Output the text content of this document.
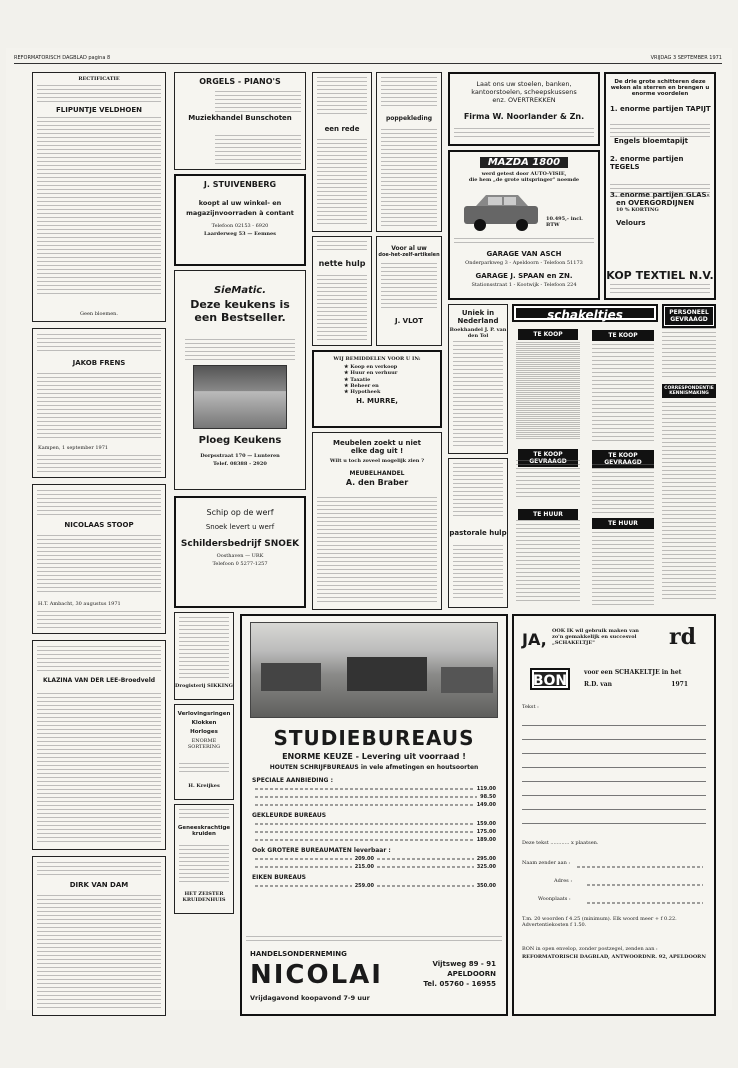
REFORMATORISCH DAGBLAD pagina 8	VRIJDAG 3 SEPTEMBER 1971
RECTIFICATIE
FLIPUNTJE VELDHOEN
Geen bloemen.
JAKOB FRENS
Kampen, 1 september 1971
NICOLAAS STOOP
H.T. Ambacht, 30 augustus 1971
KLAZINA VAN DER LEE-Broedveld
DIRK VAN DAM
ORGELS - PIANO'S
Muziekhandel Bunschoten
J. STUIVENBERG
koopt al uw winkel- en
magazijnvoorraden à contant
Telefoon 02153 - 6920
Laarderweg 53 — Eemnes
SieMatic.
Deze keukens is
een Bestseller.
Ploeg Keukens
Dorpsstraat 170 — Lunteren
Telef. 08388 - 2920
Schip op de werf
Snoek levert u werf
Schildersbedrijf SNOEK
Oosthaven — URK
Telefoon 0 5277-1257
Drogisterij SIKKING
Verlovingsringen
Klokken
Horloges
ENORME
SORTERING
H. Kreijkes
Geneeskrachtige
kruiden
HET ZEISTER KRUIDENHUIS
een rede
poppekleding
nette hulp
Voor al uw
doe-het-zelf-artikelen
J. VLOT
WIJ BEMIDDELEN VOOR U IN:
★ Koop en verkoop
★ Huur en verhuur
★ Taxatie
★ Beheer en
★ Hypotheek
H. MURRE,
Meubelen zoekt u niet
elke dag uit !
Wilt u toch zoveel mogelijk zien ?
MEUBELHANDEL
A. den Braber
Laat ons uw stoelen, banken,
kantoorstoelen, scheepskussens
enz. OVERTREKKEN
Firma W. Noorlander & Zn.
MAZDA 1800
werd getest door AUTO-VISIE,
die hem „de grote uitspringer" noemde
10.495,- incl. BTW
GARAGE VAN ASCH
Onderparkweg 3 - Apeldoorn - Telefoon 51173
GARAGE J. SPAAN en ZN.
Stationsstraat 1 - Kootwijk - Telefoon 224
Uniek in Nederland
Boekhandel J. P. van den Tol
pastorale hulp
schakeltjes
TE KOOP
TE KOOP GEVRAAGD
TE HUUR
TE KOOP
TE KOOP GEVRAAGD
TE HUUR
De drie grote schitteren deze
weken als sterren en brengen u
enorme voordelen
1. enorme partijen TAPIJT
Engels bloemtapijt
2. enorme partijen TEGELS
3. enorme partijen GLAS-
en OVERGORDIJNEN
10 % KORTING
Velours
KOP TEXTIEL N.V.
PERSONEEL
GEVRAAGD
CORRESPONDENTIE
KENNISMAKING
STUDIEBUREAUS
ENORME KEUZE - Levering uit voorraad !
HOUTEN SCHRIJFBUREAUS in vele afmetingen en houtsoorten
SPECIALE AANBIEDING :
119.00
98.50
149.00
GEKLEURDE BUREAUS
159.00
175.00
189.00
Ook GROTERE BUREAUMATEN leverbaar :
209.00	295.00
215.00	325.00
EIKEN BUREAUS
259.00	350.00
HANDELSONDERNEMING
NICOLAI
Vrijdagavond koopavond 7-9 uur
Vijtsweg 89 - 91
APELDOORN
Tel. 05760 - 16955
JA, OOK IK wil gebruik maken van zo'n gemakkelijk en succesvol „SCHAKELTJE"	rd
BON
voor een SCHAKELTJE in het
R.D. van	1971
Tekst :
Deze tekst ............ x plaatsen.
Naam zender aan :
Adres :
Woonplaats :
T.m. 20 woorden f 4.25 (minimum). Elk woord meer + f 0.22. Advertentiekosten f 1.50.
BON in open envelop, zonder postzegel, zenden aan :
REFORMATORISCH DAGBLAD, ANTWOORDNR. 92, APELDOORN
